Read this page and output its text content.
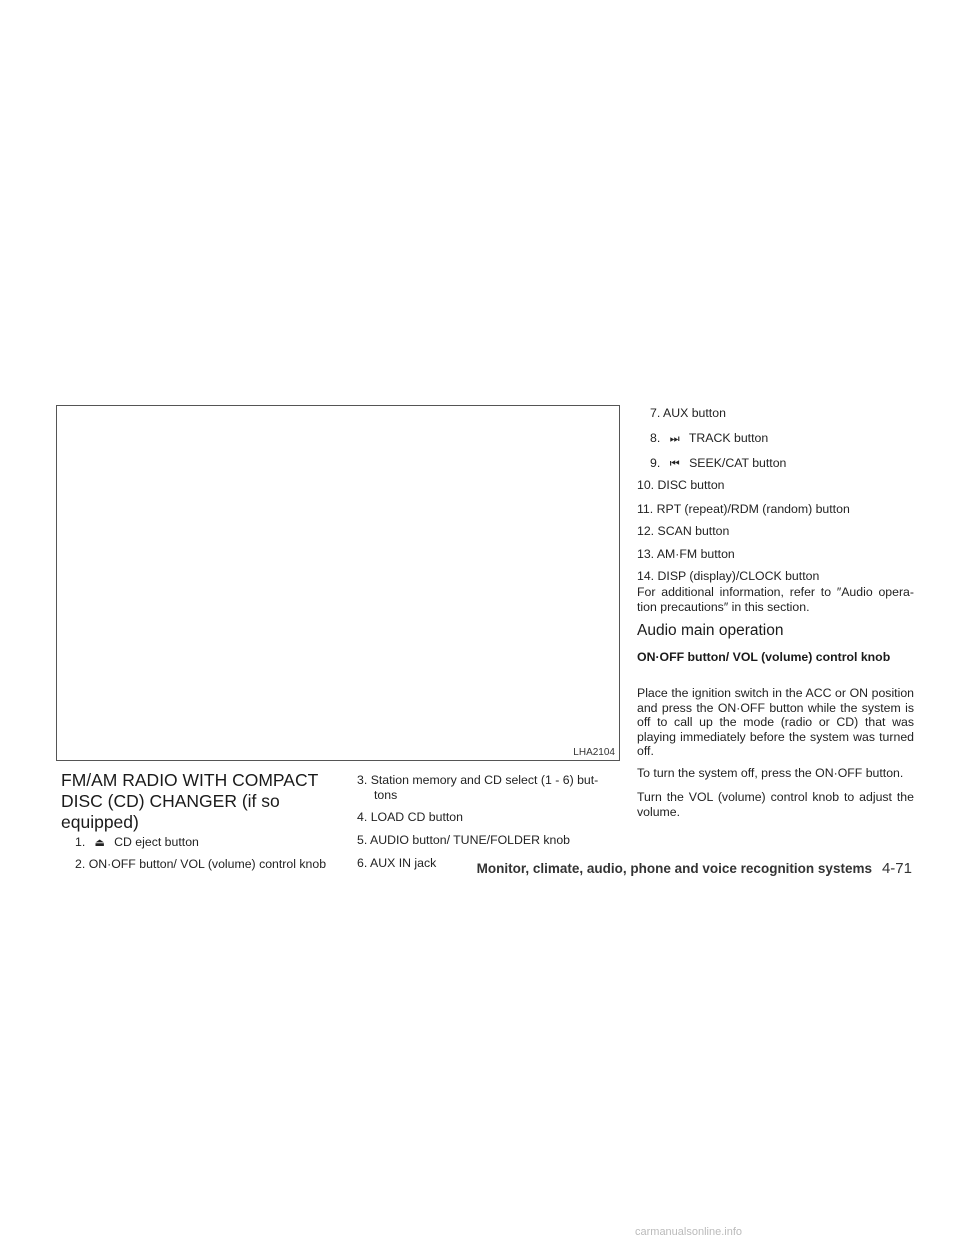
LHA2104
FM/AM RADIO WITH COMPACT DISC (CD) CHANGER (if so equipped)
1. ⏏ CD eject button
2. ON·OFF button/ VOL (volume) control knob
3. Station memory and CD select (1 - 6) but-
tons
4. LOAD CD button
5. AUDIO button/ TUNE/FOLDER knob
6. AUX IN jack
7. AUX button
8. ⏭ TRACK button
9. ⏮ SEEK/CAT button
10. DISC button
11. RPT (repeat)/RDM (random) button
12. SCAN button
13. AM·FM button
14. DISP (display)/CLOCK button

For additional information, refer to ″Audio opera- tion precautions″ in this section.

Audio main operation

ON·OFF button/ VOL (volume) control knob

Place the ignition switch in the ACC or ON position and press the ON·OFF button while the system is off to call up the mode (radio or CD) that was playing immediately before the system was turned off.

To turn the system off, press the ON·OFF button.

Turn the VOL (volume) control knob to adjust the volume.

Monitor, climate, audio, phone and voice recognition systems 4-71
carmanualsonline.info
